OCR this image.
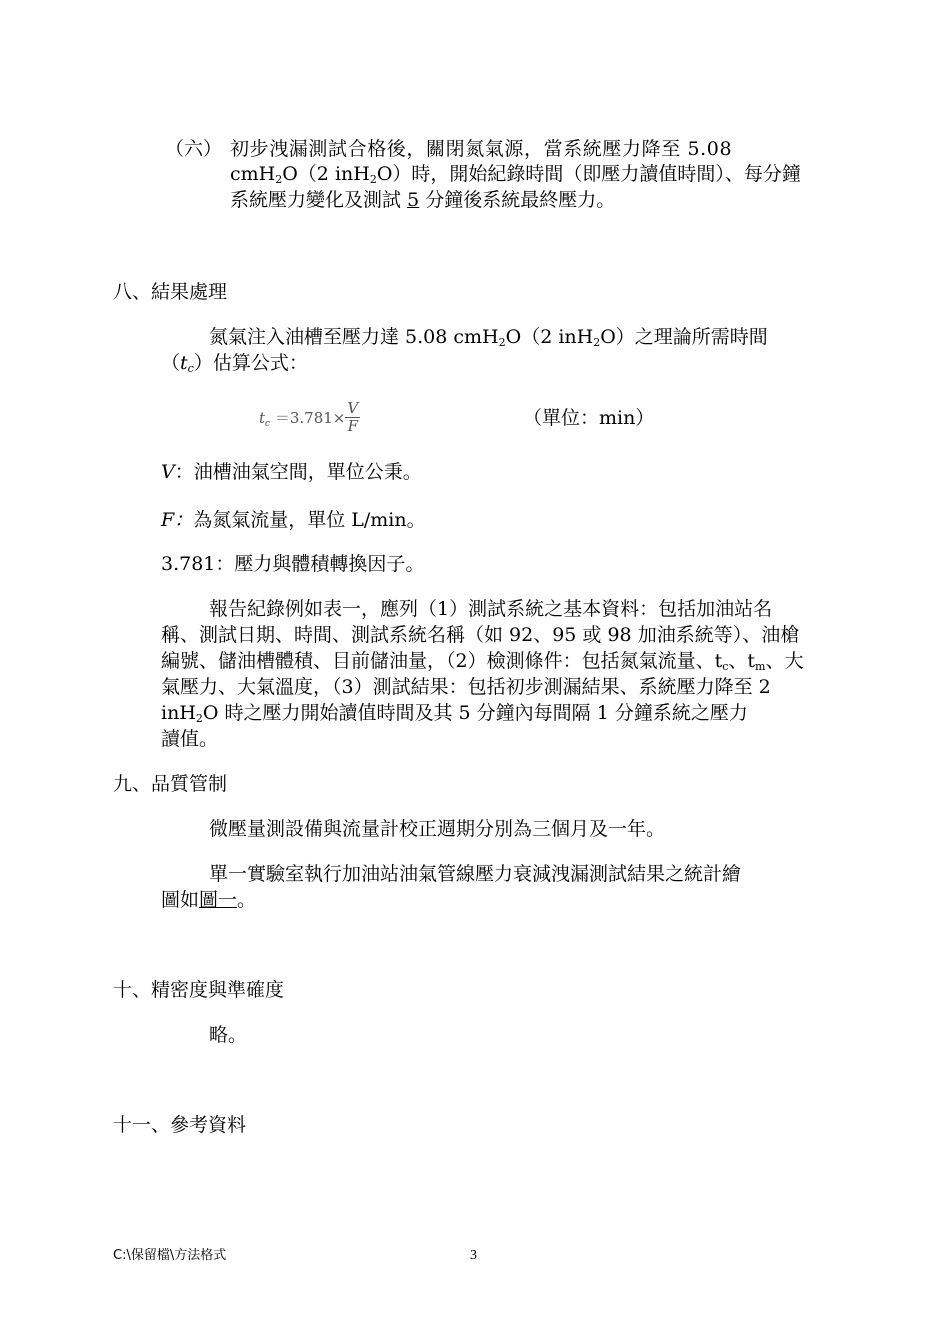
（六） 初步洩漏測試合格後，關閉氮氣源，當系統壓力降至 5.08
cmH$_2$O（2 inH$_2$O）時，開始紀錄時間（即壓力讀值時間）、每分鐘
系統壓力變化及測試 5 分鐘後系統最終壓力。
八、結果處理
氮氣注入油槽至壓力達 5.08 cmH$_2$O（2 inH$_2$O）之理論所需時間
$(t_c)$估算公式：
$t_c =3.781\times \frac{V}{F}$	（單位：min）
V：油槽油氣空間，單位公秉。
F：為氮氣流量，單位 L/min。
3.781：壓力與體積轉換因子。
報告紀錄例如表一，應列（1）測試系統之基本資料：包括加油站名
稱、測試日期、時間、測試系統名稱（如 92、95 或 98 加油系統等）、油槍
編號、儲油槽體積、目前儲油量，（2）檢測條件：包括氮氣流量、$t_c$、$t_m$、大
氣壓力、大氣溫度，（3）測試結果：包括初步測漏結果、系統壓力降至 2
inH$_2$O 時之壓力開始讀值時間及其 5 分鐘內每間隔 1 分鐘系統之壓力
讀值。
九、品質管制
微壓量測設備與流量計校正週期分別為三個月及一年。
單一實驗室執行加油站油氣管線壓力衰減洩漏測試結果之統計繪
圖如圖一。
十、精密度與準確度
略。
十一、參考資料
C:\保留檔\方法格式	3
